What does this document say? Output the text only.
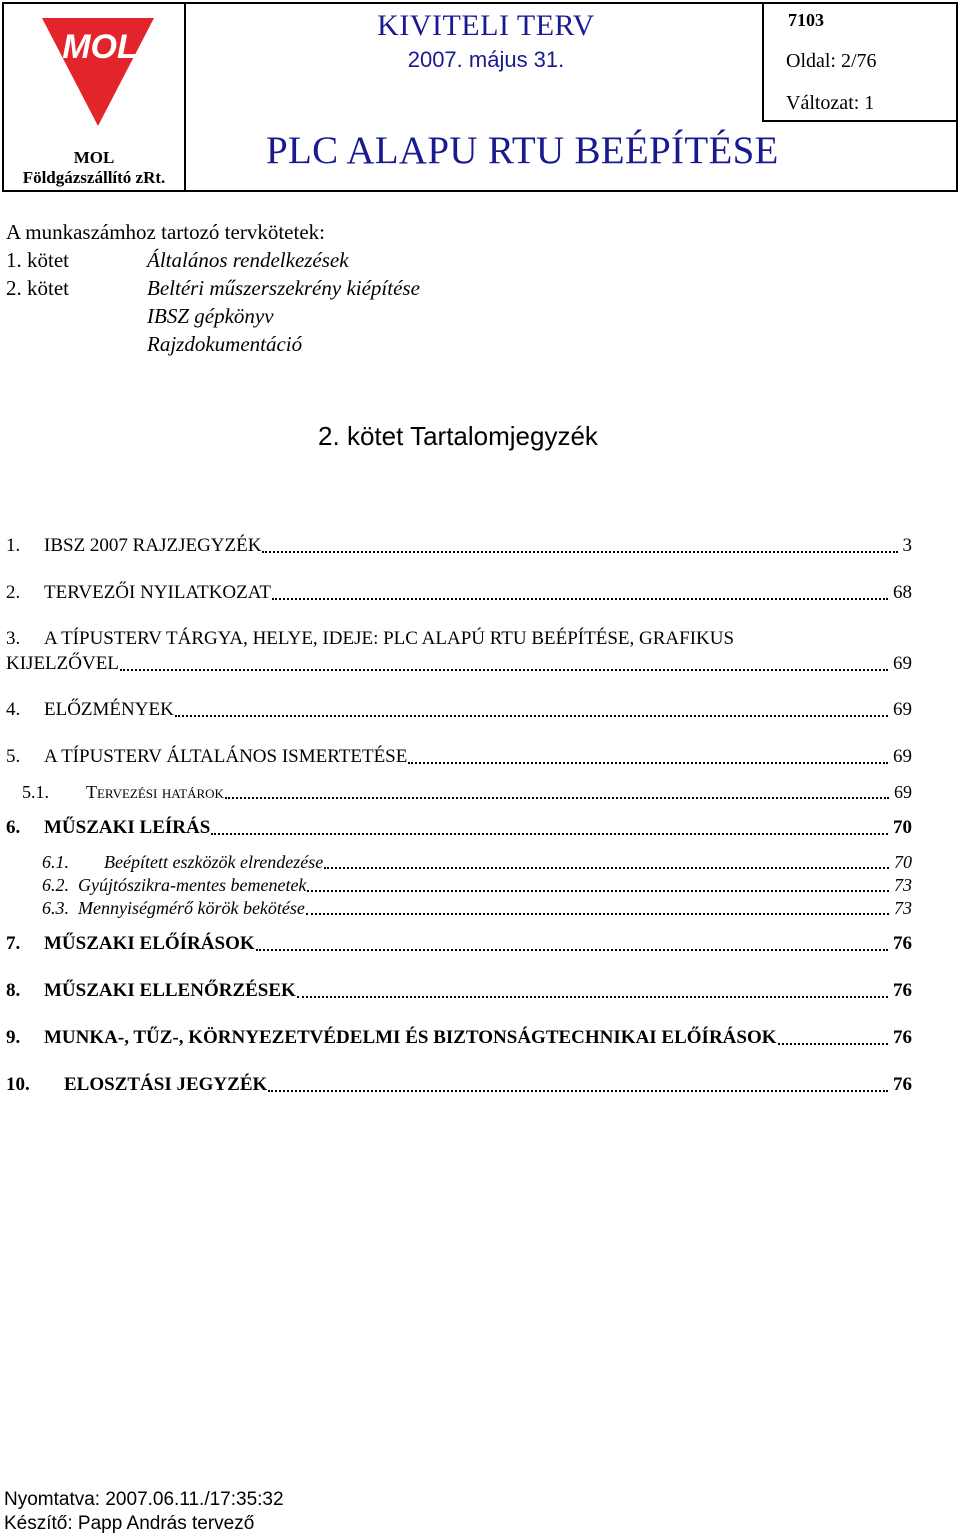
MOL
MOL
Földgázszállító zRt.
KIVITELI TERV
2007. május 31.
PLC ALAPU RTU BEÉPÍTÉSE
7103
Oldal: 2/76
Változat: 1
A munkaszámhoz tartozó tervkötetek:
1. kötet	Általános rendelkezések
2. kötet	Beltéri műszerszekrény kiépítése
IBSZ gépkönyv
Rajzdokumentáció
2. kötet Tartalomjegyzék
1.	IBSZ 2007 RAJZJEGYZÉK	3
2.	TERVEZŐI NYILATKOZAT	68
3. A TÍPUSTERV TÁRGYA, HELYE, IDEJE: PLC ALAPÚ RTU BEÉPÍTÉSE, GRAFIKUS
KIJELZŐVEL	69
4.	ELŐZMÉNYEK	69
5.	A TÍPUSTERV ÁLTALÁNOS ISMERTETÉSE	69
5.1.	Tervezési határok	69
6.	MŰSZAKI LEÍRÁS	70
6.1.	Beépített eszközök elrendezése	70
6.2. Gyújtószikra-mentes bemenetek	73
6.3. Mennyiségmérő körök bekötése	73
7.	MŰSZAKI ELŐÍRÁSOK	76
8.	MŰSZAKI ELLENŐRZÉSEK	76
9.	MUNKA-, TŰZ-, KÖRNYEZETVÉDELMI ÉS BIZTONSÁGTECHNIKAI ELŐÍRÁSOK	76
10.	ELOSZTÁSI JEGYZÉK	76
Nyomtatva: 2007.06.11./17:35:32
Készítő: Papp András tervező
